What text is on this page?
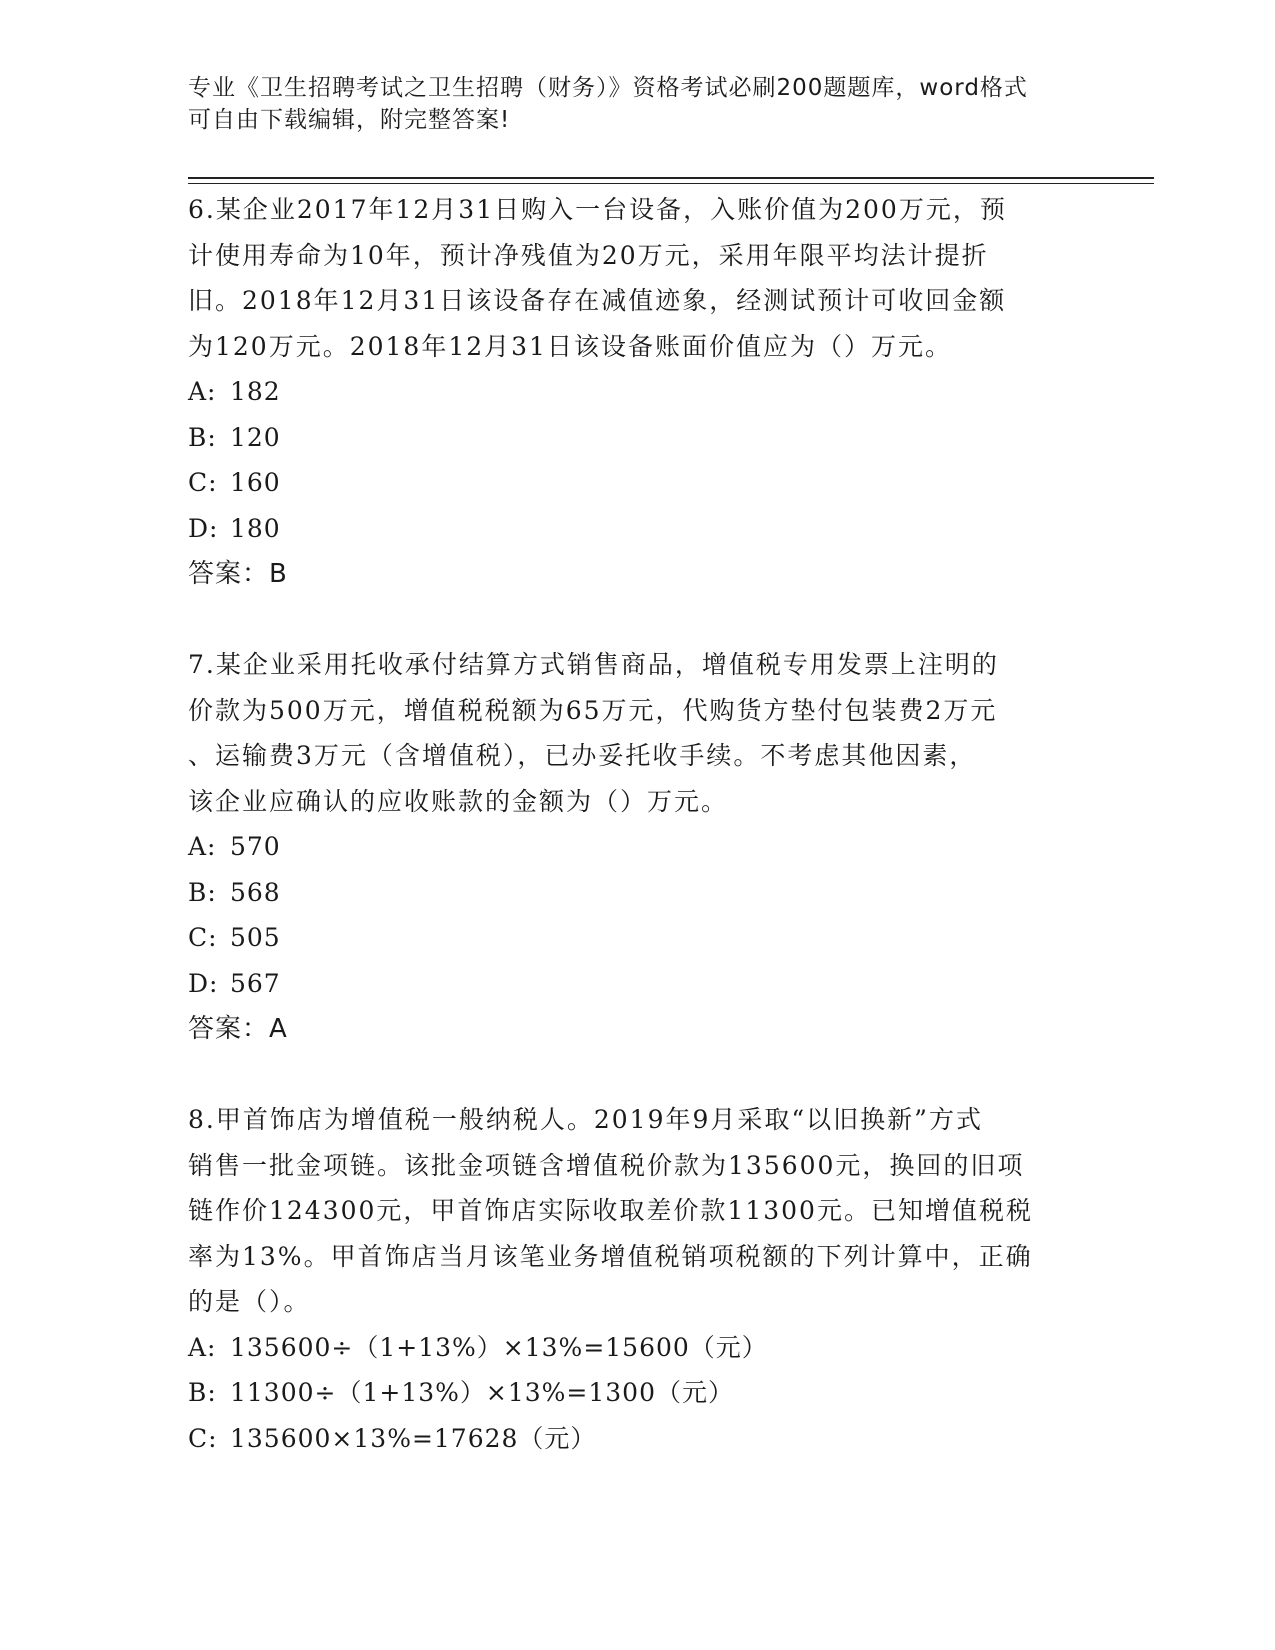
专业《卫生招聘考试之卫生招聘（财务）》资格考试必刷200题题库，word格式
可自由下载编辑，附完整答案!
6.某企业2017年12月31日购入一台设备，入账价值为200万元，预
计使用寿命为10年，预计净残值为20万元，采用年限平均法计提折
旧。2018年12月31日该设备存在减值迹象，经测试预计可收回金额
为120万元。2018年12月31日该设备账面价值应为（）万元。
A: 182
B: 120
C: 160
D: 180
答案：B
7.某企业采用托收承付结算方式销售商品，增值税专用发票上注明的
价款为500万元，增值税税额为65万元，代购货方垫付包装费2万元
、运输费3万元（含增值税），已办妥托收手续。不考虑其他因素，
该企业应确认的应收账款的金额为（）万元。
A: 570
B: 568
C: 505
D: 567
答案：A
8.甲首饰店为增值税一般纳税人。2019年9月采取“以旧换新”方式
销售一批金项链。该批金项链含增值税价款为135600元，换回的旧项
链作价124300元，甲首饰店实际收取差价款11300元。已知增值税税
率为13%。甲首饰店当月该笔业务增值税销项税额的下列计算中，正确
的是（）。
A: 135600÷（1+13%）×13%=15600（元）
B: 11300÷（1+13%）×13%=1300（元）
C: 135600×13%=17628（元）
